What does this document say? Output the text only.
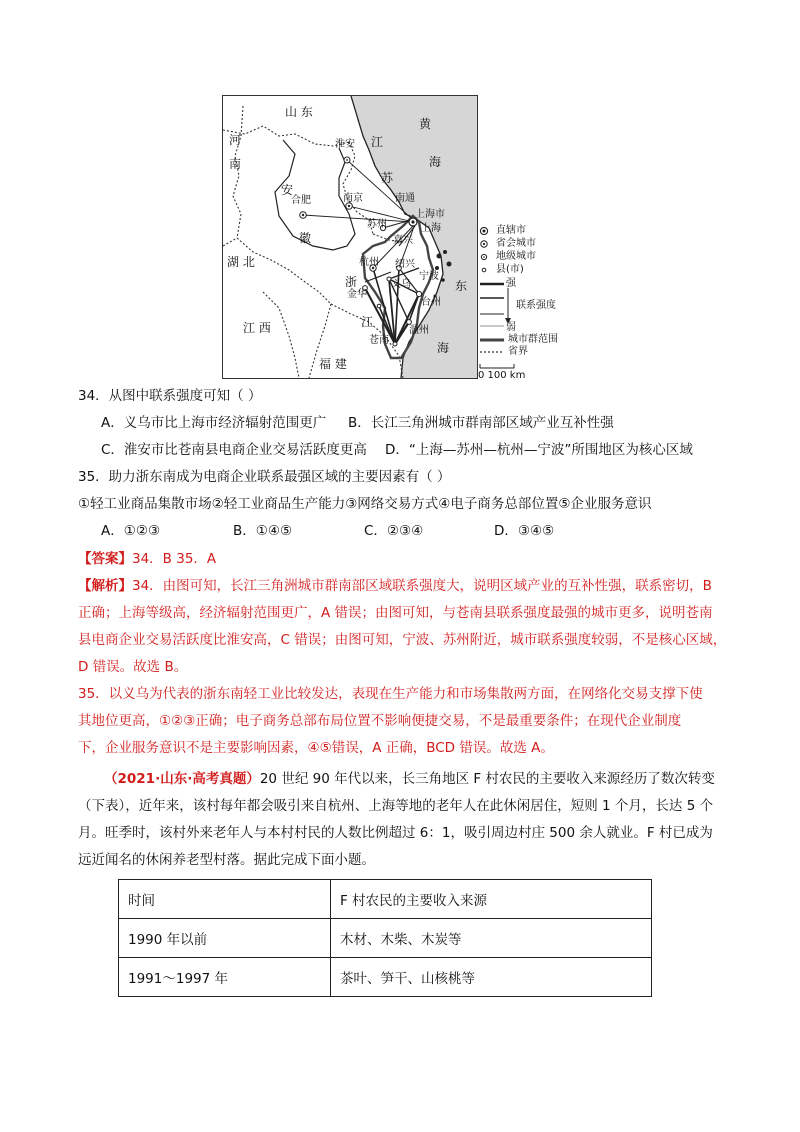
山 东
河
南
江
苏
安
徽
湖 北
江 西
福 建
浙
江
黄
海
东
海
淮安
南京
合肥	南通
苏州
上海市
上海
嘉兴
杭州 绍兴
宁波
金华
义乌
台州
温州
苍南
直辖市
省会城市
地级城市
县(市)
强
联系强度
弱
城市群范围
省界
0 100 km
34．从图中联系强度可知（ ）
A．义乌市比上海市经济辐射范围更广 B．长江三角洲城市群南部区域产业互补性强
C．淮安市比苍南县电商企业交易活跃度更高 D．“上海—苏州—杭州—宁波”所围地区为核心区域
35．助力浙东南成为电商企业联系最强区域的主要因素有（ ）
①轻工业商品集散市场②轻工业商品生产能力③网络交易方式④电子商务总部位置⑤企业服务意识
A．①②③	B．①④⑤	C．②③④	D．③④⑤
【答案】34．B 35．A
【解析】34．由图可知，长江三角洲城市群南部区域联系强度大，说明区域产业的互补性强，联系密切，B
正确；上海等级高，经济辐射范围更广，A 错误；由图可知，与苍南县联系强度最强的城市更多，说明苍南
县电商企业交易活跃度比淮安高，C 错误；由图可知，宁波、苏州附近，城市联系强度较弱，不是核心区域，
D 错误。故选 B。
35．以义乌为代表的浙东南轻工业比较发达，表现在生产能力和市场集散两方面，在网络化交易支撑下使
其地位更高，①②③正确；电子商务总部布局位置不影响便捷交易，不是最重要条件；在现代企业制度
下，企业服务意识不是主要影响因素，④⑤错误，A 正确，BCD 错误。故选 A。
（2021·山东·高考真题）20 世纪 90 年代以来，长三角地区 F 村农民的主要收入来源经历了数次转变
（下表），近年来，该村每年都会吸引来自杭州、上海等地的老年人在此休闲居住，短则 1 个月，长达 5 个
月。旺季时，该村外来老年人与本村村民的人数比例超过 6：1，吸引周边村庄 500 余人就业。F 村已成为
远近闻名的休闲养老型村落。据此完成下面小题。
时间	F 村农民的主要收入来源
1990 年以前	木材、木柴、木炭等
1991～1997 年	茶叶、笋干、山核桃等
